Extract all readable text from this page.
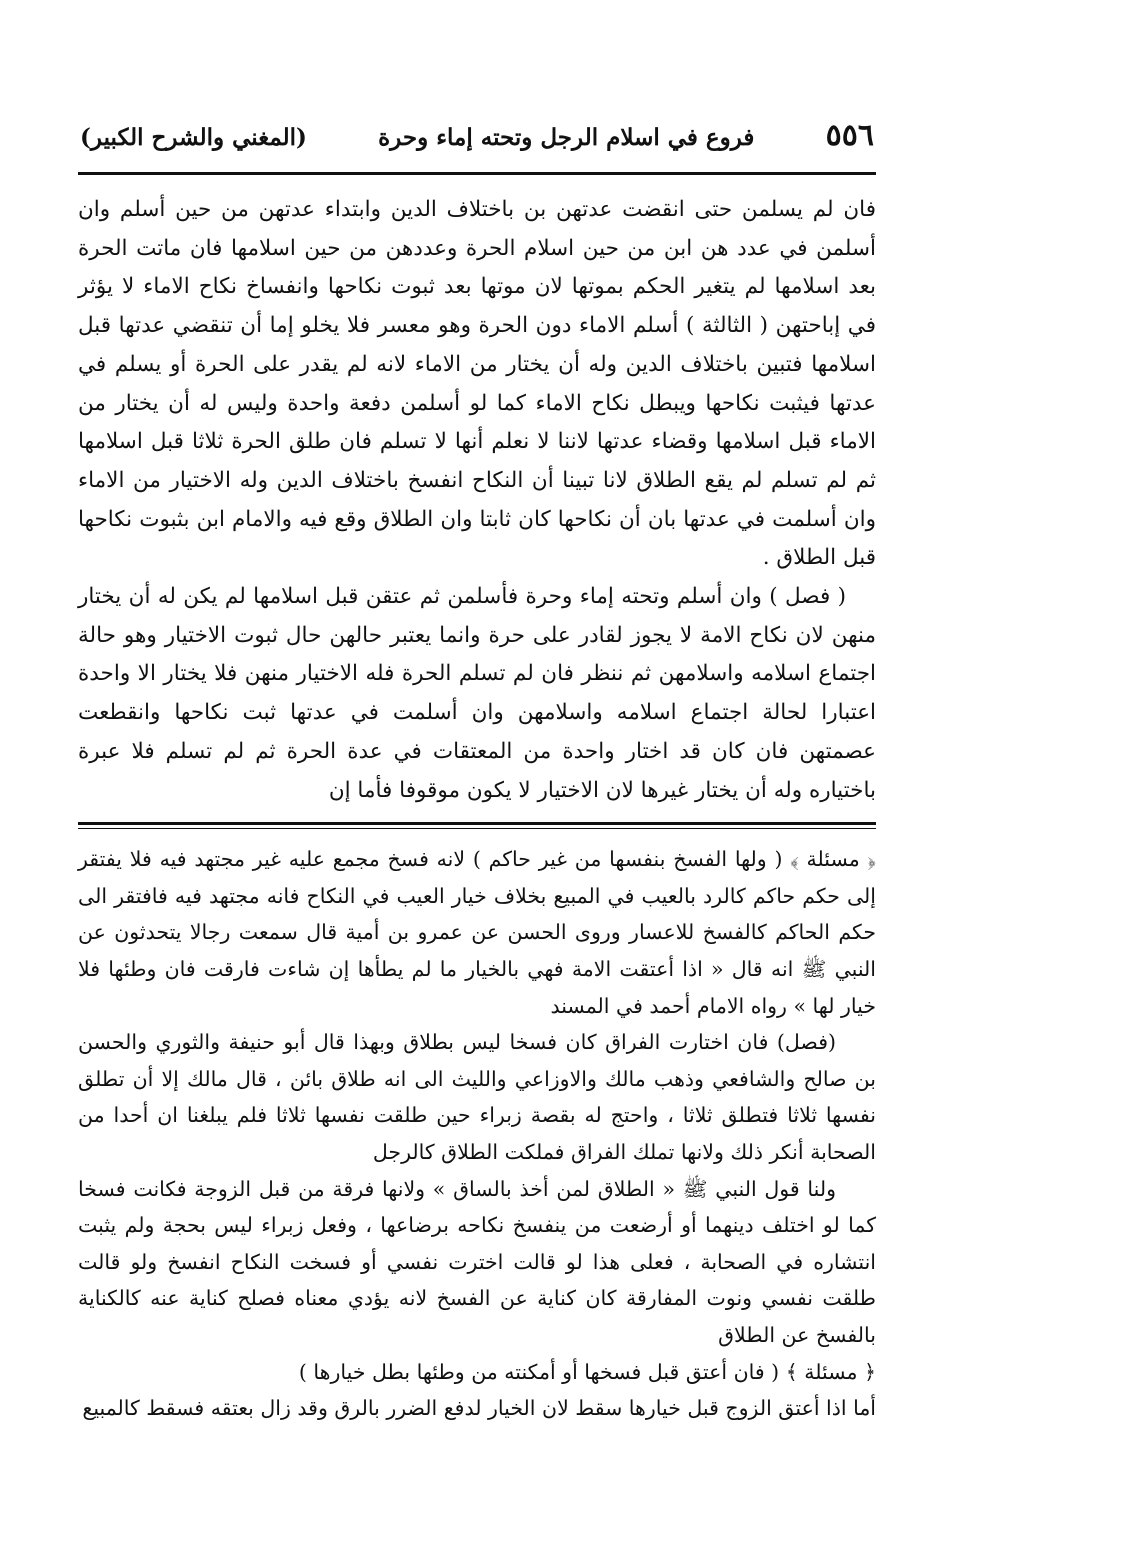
٥٥٦
فروع في اسلام الرجل وتحته إماء وحرة
(المغني والشرح الكبير)

فان لم يسلمن حتى انقضت عدتهن بن باختلاف الدين وابتداء عدتهن من حين أسلم وان أسلمن في عدد هن ابن من حين اسلام الحرة وعددهن من حين اسلامها فان ماتت الحرة بعد اسلامها لم يتغير الحكم بموتها لان موتها بعد ثبوت نكاحها وانفساخ نكاح الاماء لا يؤثر في إباحتهن ( الثالثة ) أسلم الاماء دون الحرة وهو معسر فلا يخلو إما أن تنقضي عدتها قبل اسلامها فتبين باختلاف الدين وله أن يختار من الاماء لانه لم يقدر على الحرة أو يسلم في عدتها فيثبت نكاحها ويبطل نكاح الاماء كما لو أسلمن دفعة واحدة وليس له أن يختار من الاماء قبل اسلامها وقضاء عدتها لاننا لا نعلم أنها لا تسلم فان طلق الحرة ثلاثا قبل اسلامها ثم لم تسلم لم يقع الطلاق لانا تبينا أن النكاح انفسخ باختلاف الدين وله الاختيار من الاماء وان أسلمت في عدتها بان أن نكاحها كان ثابتا وان الطلاق وقع فيه والامام ابن بثبوت نكاحها قبل الطلاق .

( فصل ) وان أسلم وتحته إماء وحرة فأسلمن ثم عتقن قبل اسلامها لم يكن له أن يختار منهن لان نكاح الامة لا يجوز لقادر على حرة وانما يعتبر حالهن حال ثبوت الاختيار وهو حالة اجتماع اسلامه واسلامهن ثم ننظر فان لم تسلم الحرة فله الاختيار منهن فلا يختار الا واحدة اعتبارا لحالة اجتماع اسلامه واسلامهن وان أسلمت في عدتها ثبت نكاحها وانقطعت عصمتهن فان كان قد اختار واحدة من المعتقات في عدة الحرة ثم لم تسلم فلا عبرة باختياره وله أن يختار غيرها لان الاختيار لا يكون موقوفا فأما إن

﴿ مسئلة ﴾ ( ولها الفسخ بنفسها من غير حاكم ) لانه فسخ مجمع عليه غير مجتهد فيه فلا يفتقر إلى حكم حاكم كالرد بالعيب في المبيع بخلاف خيار العيب في النكاح فانه مجتهد فيه فافتقر الى حكم الحاكم كالفسخ للاعسار وروى الحسن عن عمرو بن أمية قال سمعت رجالا يتحدثون عن النبي ﷺ انه قال « اذا أعتقت الامة فهي بالخيار ما لم يطأها إن شاءت فارقت فان وطئها فلا خيار لها » رواه الامام أحمد في المسند

(فصل) فان اختارت الفراق كان فسخا ليس بطلاق وبهذا قال أبو حنيفة والثوري والحسن بن صالح والشافعي وذهب مالك والاوزاعي والليث الى انه طلاق بائن ، قال مالك إلا أن تطلق نفسها ثلاثا فتطلق ثلاثا ، واحتج له بقصة زبراء حين طلقت نفسها ثلاثا فلم يبلغنا ان أحدا من الصحابة أنكر ذلك ولانها تملك الفراق فملكت الطلاق كالرجل

ولنا قول النبي ﷺ « الطلاق لمن أخذ بالساق » ولانها فرقة من قبل الزوجة فكانت فسخا كما لو اختلف دينهما أو أرضعت من ينفسخ نكاحه برضاعها ، وفعل زبراء ليس بحجة ولم يثبت انتشاره في الصحابة ، فعلى هذا لو قالت اخترت نفسي أو فسخت النكاح انفسخ ولو قالت طلقت نفسي ونوت المفارقة كان كناية عن الفسخ لانه يؤدي معناه فصلح كناية عنه كالكناية بالفسخ عن الطلاق

﴿ مسئلة ﴾ ( فان أعتق قبل فسخها أو أمكنته من وطئها بطل خيارها )

أما اذا أعتق الزوج قبل خيارها سقط لان الخيار لدفع الضرر بالرق وقد زال بعتقه فسقط كالمبيع
